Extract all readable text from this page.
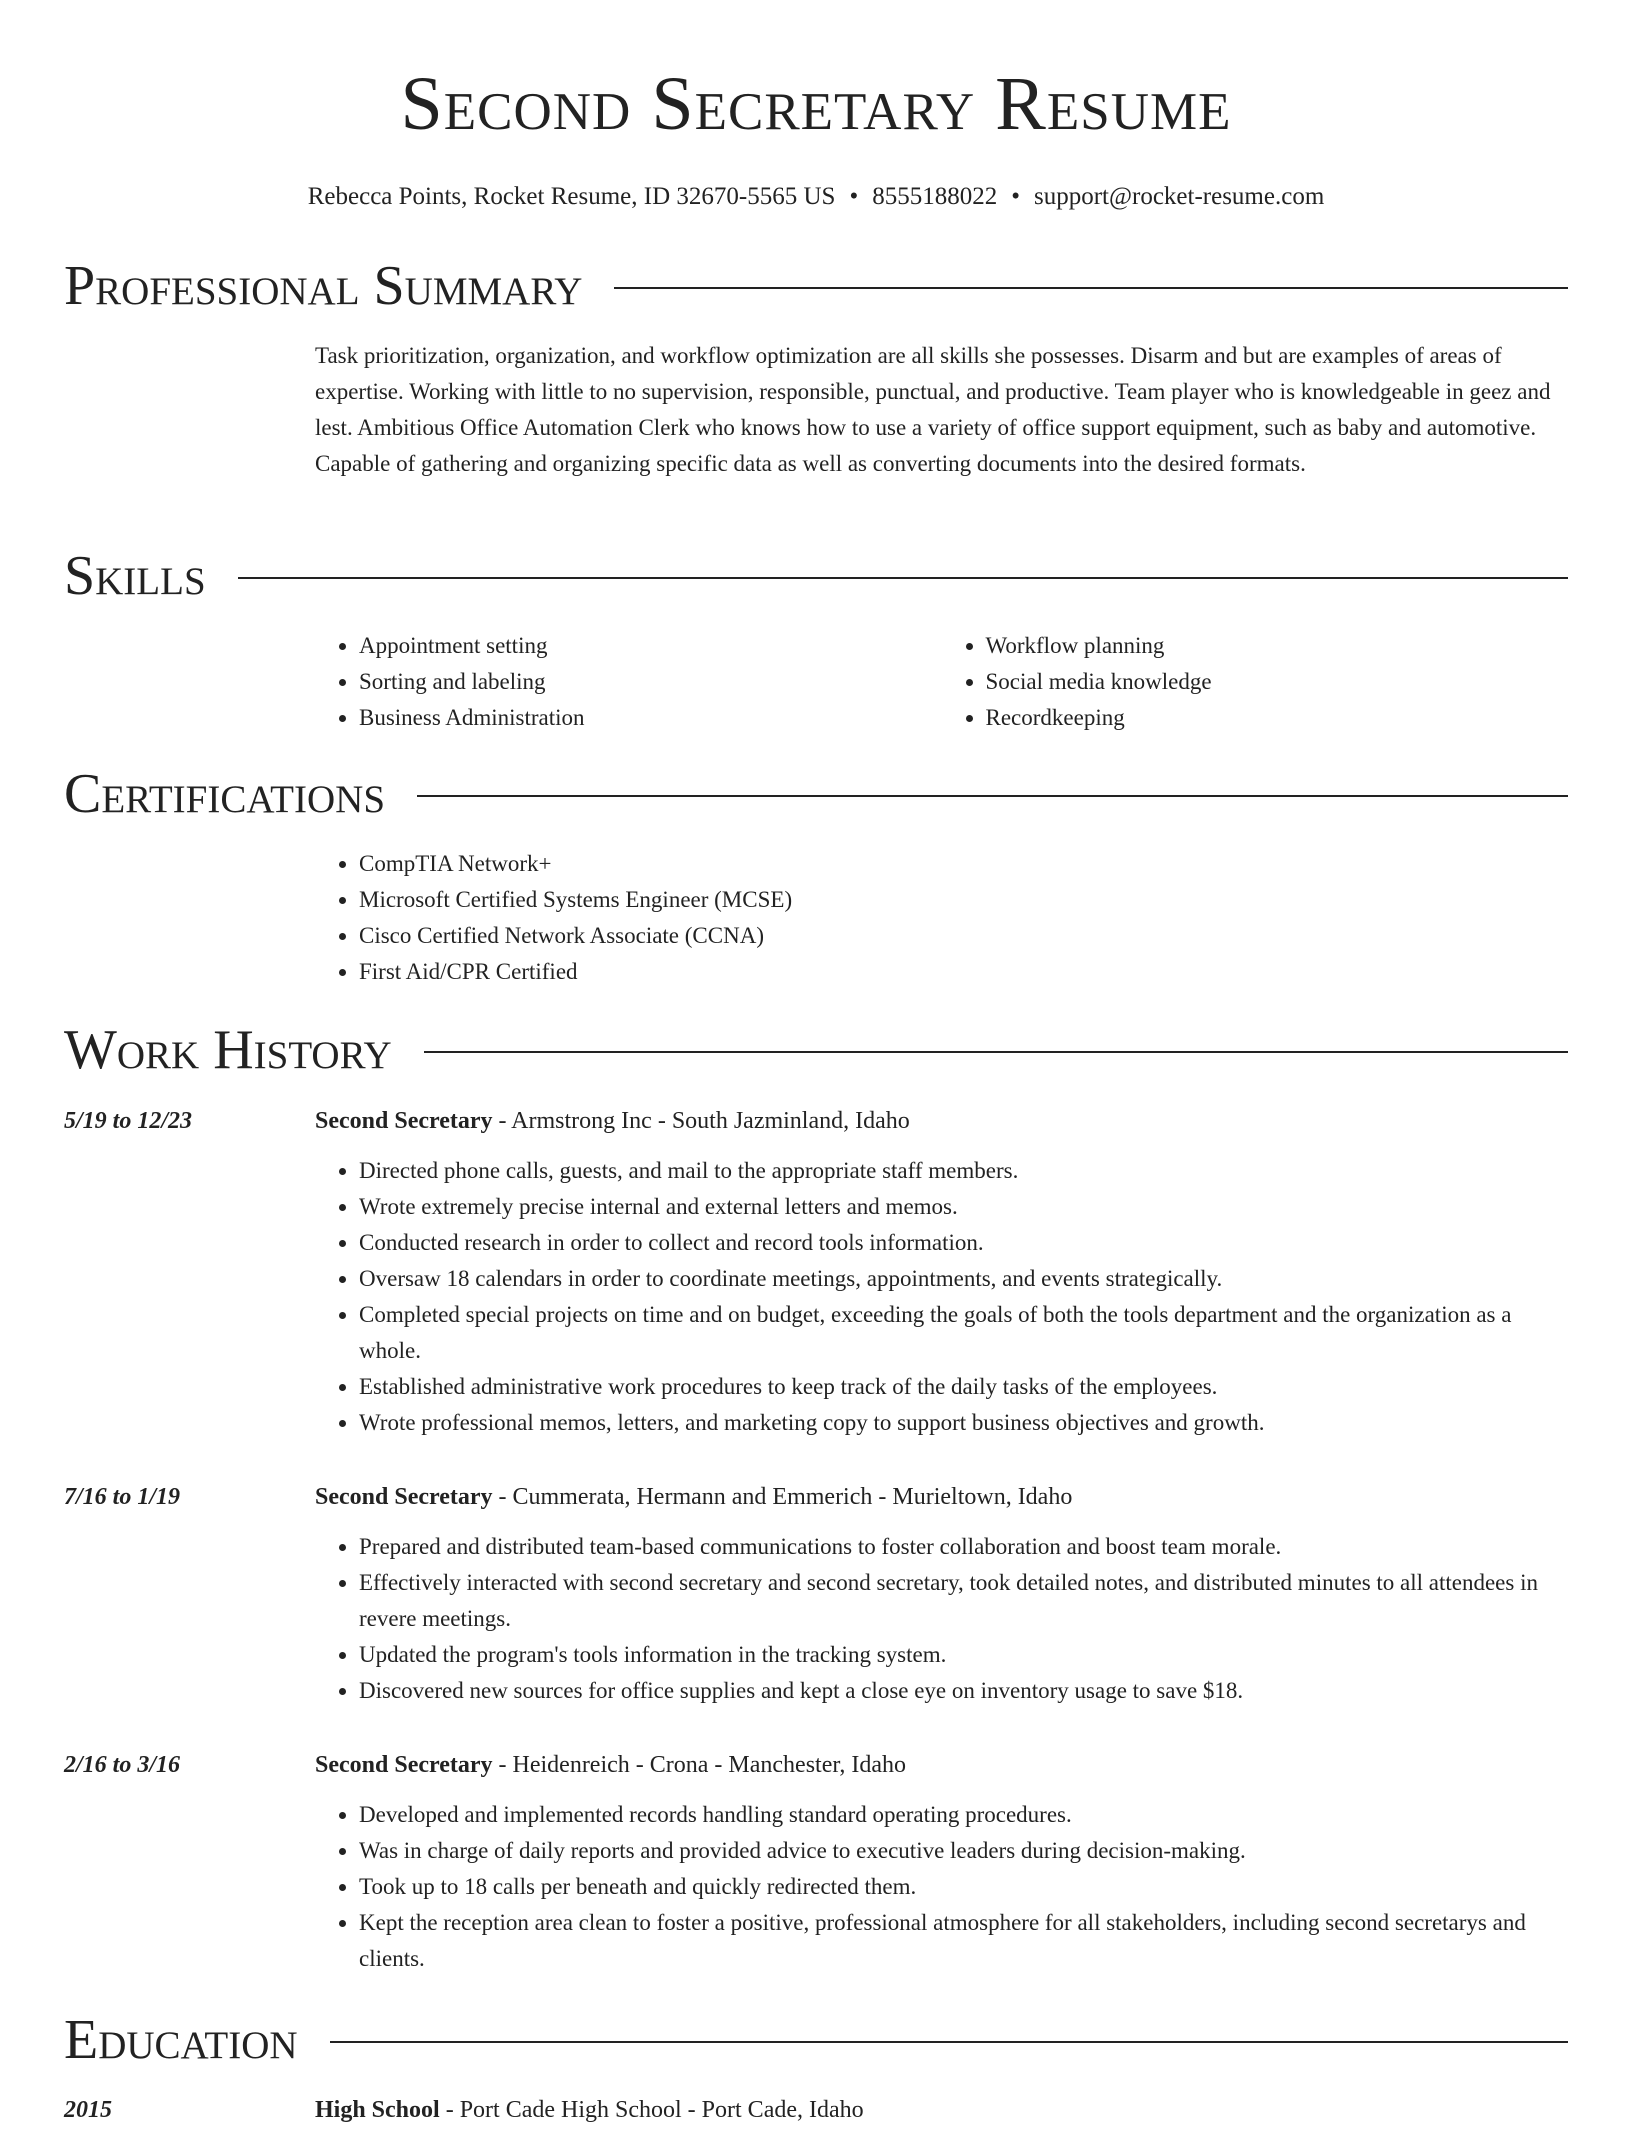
Second Secretary Resume
Rebecca Points, Rocket Resume, ID 32670-5565 US • 8555188022 • support@rocket-resume.com
Professional Summary
Task prioritization, organization, and workflow optimization are all skills she possesses. Disarm and but are examples of areas of expertise. Working with little to no supervision, responsible, punctual, and productive. Team player who is knowledgeable in geez and lest. Ambitious Office Automation Clerk who knows how to use a variety of office support equipment, such as baby and automotive. Capable of gathering and organizing specific data as well as converting documents into the desired formats.
Skills
• Appointment setting
• Sorting and labeling
• Business Administration
• Workflow planning
• Social media knowledge
• Recordkeeping
Certifications
• CompTIA Network+
• Microsoft Certified Systems Engineer (MCSE)
• Cisco Certified Network Associate (CCNA)
• First Aid/CPR Certified
Work History
5/19 to 12/23	Second Secretary - Armstrong Inc - South Jazminland, Idaho
• Directed phone calls, guests, and mail to the appropriate staff members.
• Wrote extremely precise internal and external letters and memos.
• Conducted research in order to collect and record tools information.
• Oversaw 18 calendars in order to coordinate meetings, appointments, and events strategically.
• Completed special projects on time and on budget, exceeding the goals of both the tools department and the organization as a whole.
• Established administrative work procedures to keep track of the daily tasks of the employees.
• Wrote professional memos, letters, and marketing copy to support business objectives and growth.
7/16 to 1/19	Second Secretary - Cummerata, Hermann and Emmerich - Murieltown, Idaho
• Prepared and distributed team-based communications to foster collaboration and boost team morale.
• Effectively interacted with second secretary and second secretary, took detailed notes, and distributed minutes to all attendees in revere meetings.
• Updated the program's tools information in the tracking system.
• Discovered new sources for office supplies and kept a close eye on inventory usage to save $18.
2/16 to 3/16	Second Secretary - Heidenreich - Crona - Manchester, Idaho
• Developed and implemented records handling standard operating procedures.
• Was in charge of daily reports and provided advice to executive leaders during decision-making.
• Took up to 18 calls per beneath and quickly redirected them.
• Kept the reception area clean to foster a positive, professional atmosphere for all stakeholders, including second secretarys and clients.
Education
2015	High School - Port Cade High School - Port Cade, Idaho
